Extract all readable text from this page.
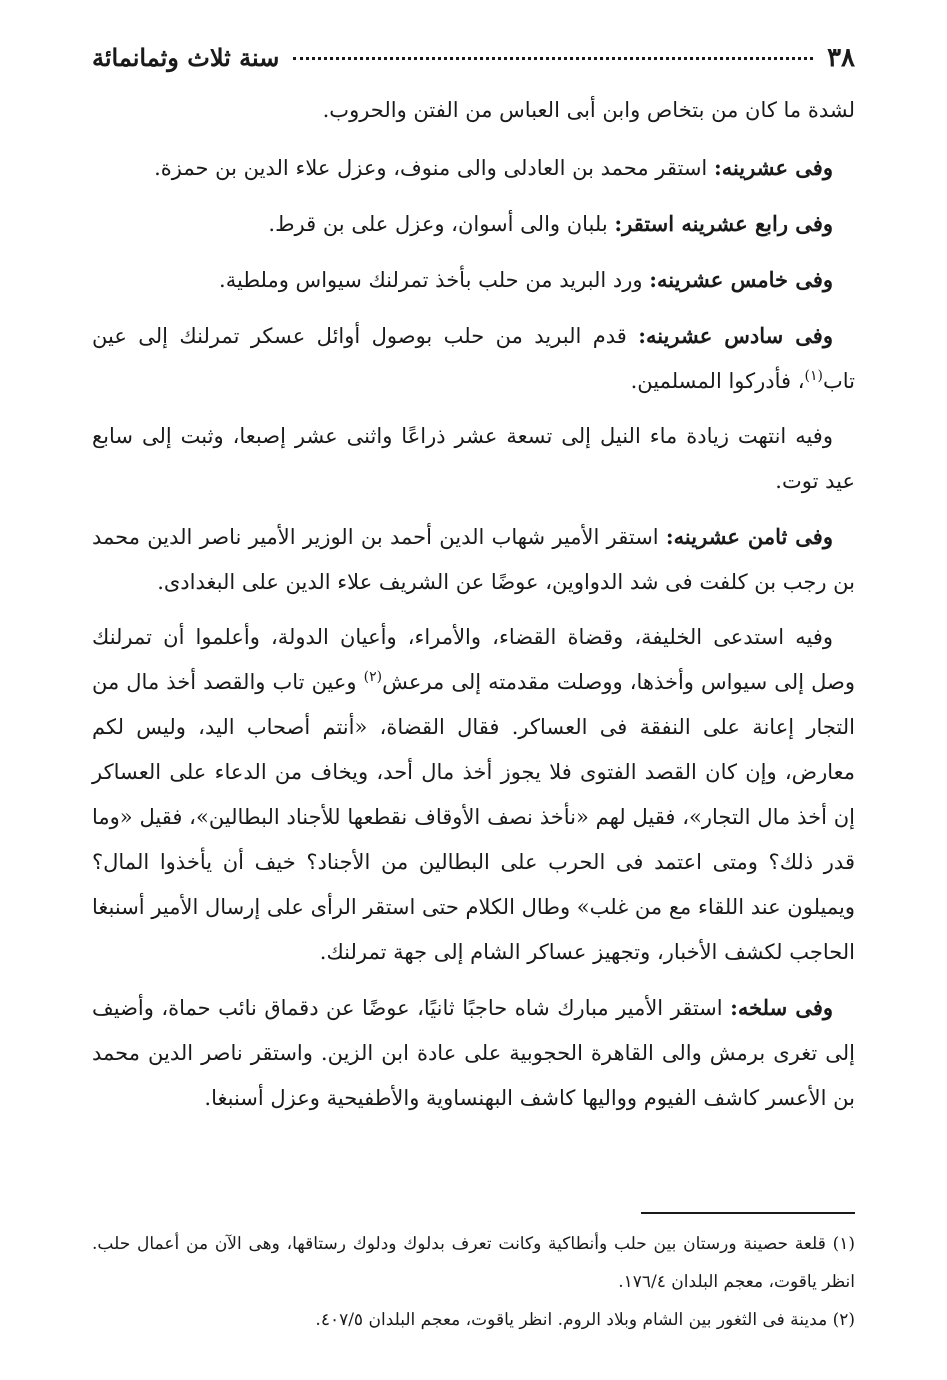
٣٨
سنة ثلاث وثمانمائة

لشدة ما كان من بتخاص وابن أبى العباس من الفتن والحروب.

وفى عشرينه: استقر محمد بن العادلى والى منوف، وعزل علاء الدين بن حمزة.

وفى رابع عشرينه استقر: بلبان والى أسوان، وعزل على بن قرط.

وفى خامس عشرينه: ورد البريد من حلب بأخذ تمرلنك سيواس وملطية.

وفى سادس عشرينه: قدم البريد من حلب بوصول أوائل عسكر تمرلنك إلى عين تاب$^{(١)}$، فأدركوا المسلمين.

وفيه انتهت زيادة ماء النيل إلى تسعة عشر ذراعًا واثنى عشر إصبعا، وثبت إلى سابع عيد توت.

وفى ثامن عشرينه: استقر الأمير شهاب الدين أحمد بن الوزير الأمير ناصر الدين محمد بن رجب بن كلفت فى شد الدواوين، عوضًا عن الشريف علاء الدين على البغدادى.

وفيه استدعى الخليفة، وقضاة القضاء، والأمراء، وأعيان الدولة، وأعلموا أن تمرلنك وصل إلى سيواس وأخذها، ووصلت مقدمته إلى مرعش$^{(٢)}$ وعين تاب والقصد أخذ مال من التجار إعانة على النفقة فى العساكر. فقال القضاة، «أنتم أصحاب اليد، وليس لكم معارض، وإن كان القصد الفتوى فلا يجوز أخذ مال أحد، ويخاف من الدعاء على العساكر إن أخذ مال التجار»، فقيل لهم «نأخذ نصف الأوقاف نقطعها للأجناد البطالين»، فقيل «وما قدر ذلك؟ ومتى اعتمد فى الحرب على البطالين من الأجناد؟ خيف أن يأخذوا المال؟ ويميلون عند اللقاء مع من غلب» وطال الكلام حتى استقر الرأى على إرسال الأمير أسنبغا الحاجب لكشف الأخبار، وتجهيز عساكر الشام إلى جهة تمرلنك.

وفى سلخه: استقر الأمير مبارك شاه حاجبًا ثانيًا، عوضًا عن دقماق نائب حماة، وأضيف إلى تغرى برمش والى القاهرة الحجوبية على عادة ابن الزين. واستقر ناصر الدين محمد بن الأعسر كاشف الفيوم وواليها كاشف البهنساوية والأطفيحية وعزل أسنبغا.

(١) قلعة حصينة ورستان بين حلب وأنطاكية وكانت تعرف بدلوك ودلوك رستاقها، وهى الآن من أعمال حلب. انظر ياقوت، معجم البلدان ١٧٦/٤.

(٢) مدينة فى الثغور بين الشام وبلاد الروم. انظر ياقوت، معجم البلدان ٤٠٧/٥.
